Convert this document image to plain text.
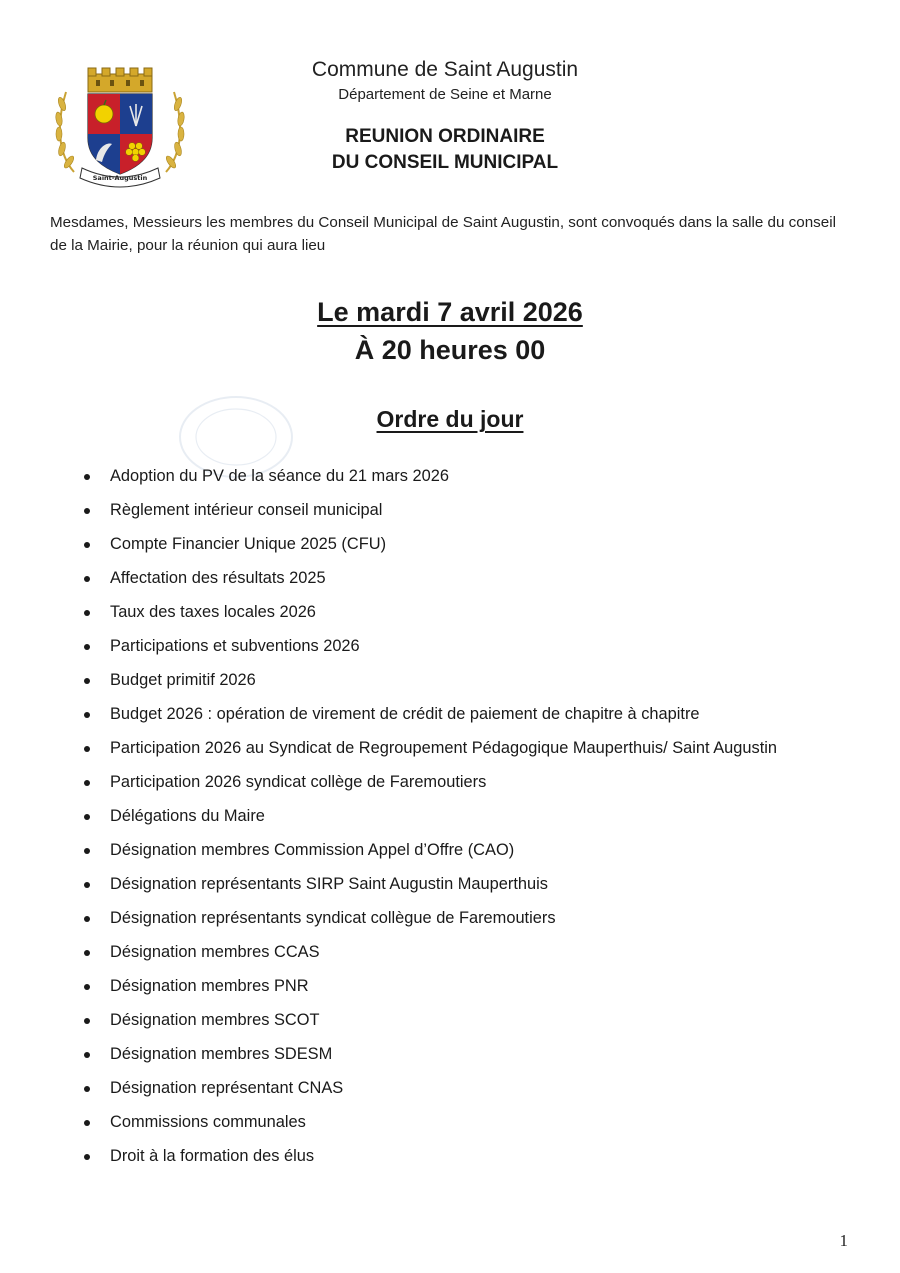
Saint-Augustin
Commune de Saint Augustin
Département de Seine et Marne
REUNION ORDINAIRE
DU CONSEIL MUNICIPAL
Mesdames, Messieurs les membres du Conseil Municipal de Saint Augustin, sont convoqués dans la salle du conseil de la Mairie, pour la réunion qui aura lieu
Le mardi 7 avril 2026
À 20 heures 00
Ordre du jour
Adoption du PV de la séance du 21 mars 2026
Règlement intérieur conseil municipal
Compte Financier Unique 2025 (CFU)
Affectation des résultats 2025
Taux des taxes locales 2026
Participations et subventions 2026
Budget primitif 2026
Budget 2026 : opération de virement de crédit de paiement de chapitre à chapitre
Participation 2026 au Syndicat de Regroupement Pédagogique Mauperthuis/ Saint Augustin
Participation 2026 syndicat collège de Faremoutiers
Délégations du Maire
Désignation membres Commission Appel d’Offre (CAO)
Désignation représentants SIRP Saint Augustin Mauperthuis
Désignation représentants syndicat collègue de Faremoutiers
Désignation membres CCAS
Désignation membres PNR
Désignation membres SCOT
Désignation membres SDESM
Désignation représentant CNAS
Commissions communales
Droit à la formation des élus
1
